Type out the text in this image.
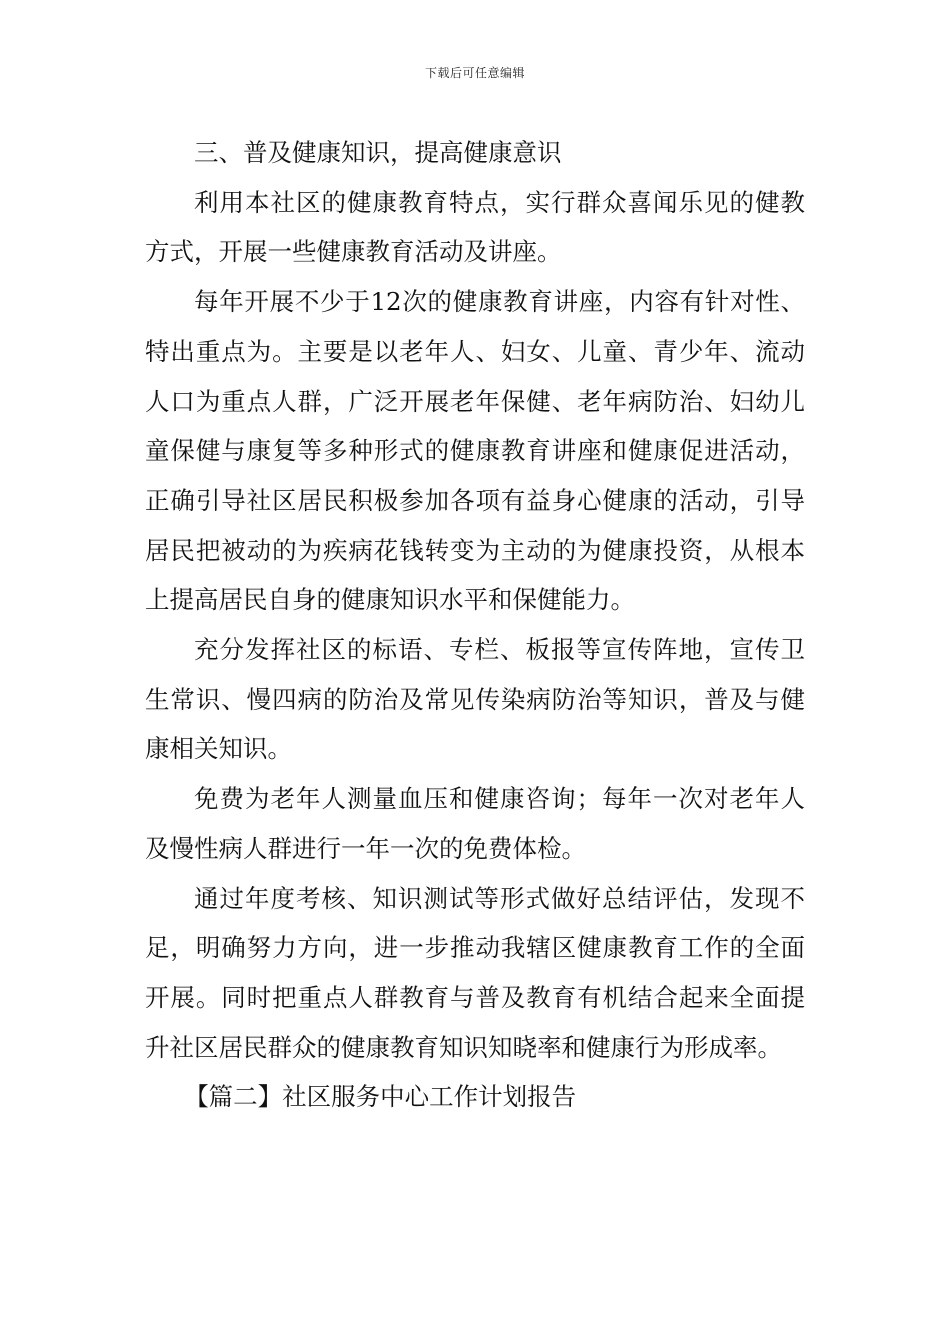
下载后可任意编辑

三、普及健康知识，提高健康意识

利用本社区的健康教育特点，实行群众喜闻乐见的健教方式，开展一些健康教育活动及讲座。

每年开展不少于12次的健康教育讲座，内容有针对性、特出重点为。主要是以老年人、妇女、儿童、青少年、流动人口为重点人群，广泛开展老年保健、老年病防治、妇幼儿童保健与康复等多种形式的健康教育讲座和健康促进活动，正确引导社区居民积极参加各项有益身心健康的活动，引导居民把被动的为疾病花钱转变为主动的为健康投资，从根本上提高居民自身的健康知识水平和保健能力。

充分发挥社区的标语、专栏、板报等宣传阵地，宣传卫生常识、慢四病的防治及常见传染病防治等知识，普及与健康相关知识。

免费为老年人测量血压和健康咨询；每年一次对老年人及慢性病人群进行一年一次的免费体检。

通过年度考核、知识测试等形式做好总结评估，发现不足，明确努力方向，进一步推动我辖区健康教育工作的全面开展。同时把重点人群教育与普及教育有机结合起来全面提升社区居民群众的健康教育知识知晓率和健康行为形成率。

【篇二】社区服务中心工作计划报告
